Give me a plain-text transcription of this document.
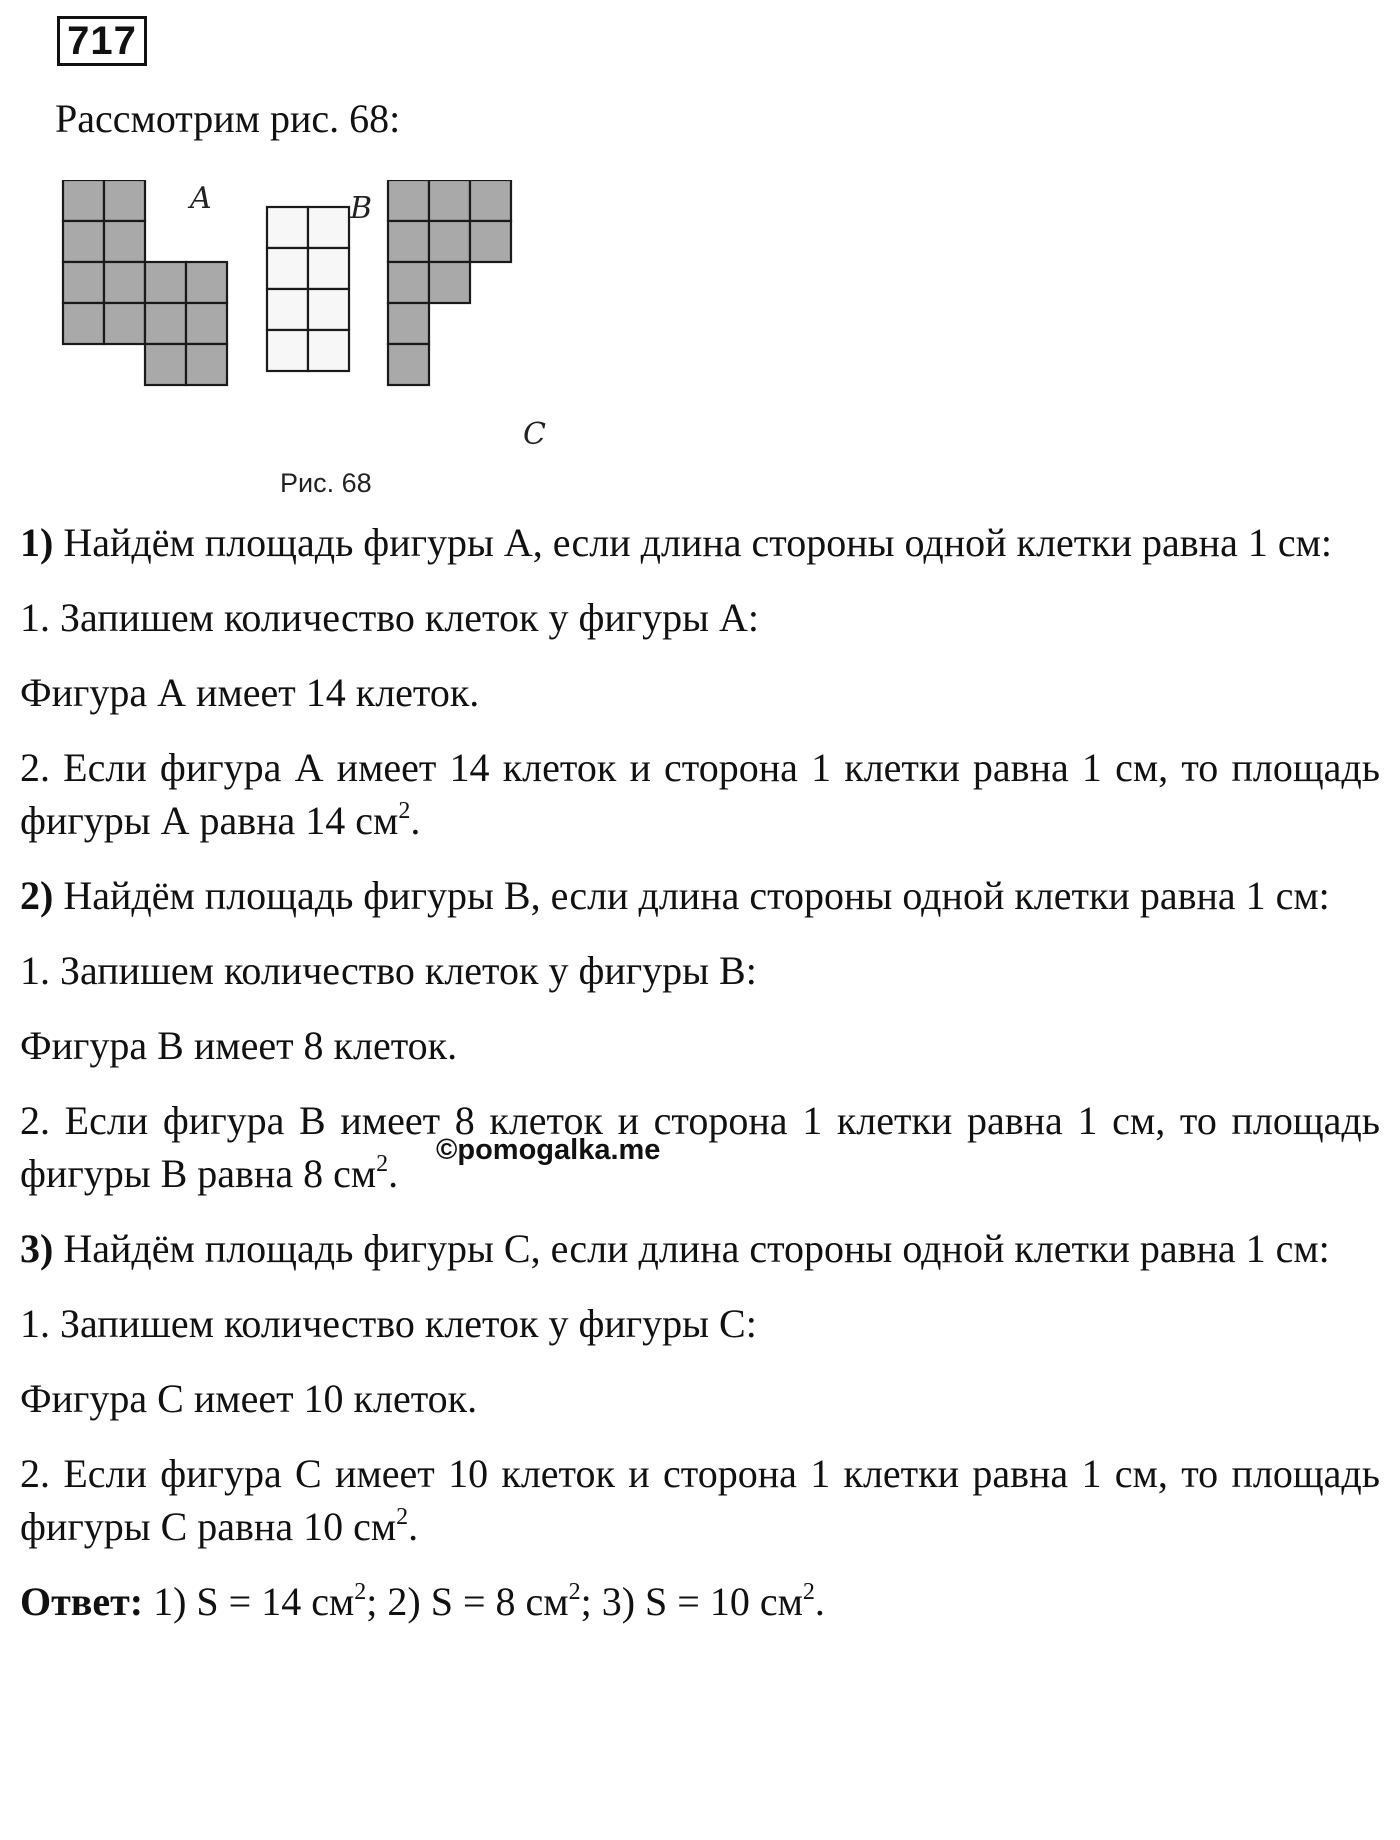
717
Рассмотрим рис. 68:
A	B
C
Рис. 68
©pomogalka.me

1) Найдём площадь фигуры А, если длина стороны одной клетки равна 1 см:

1. Запишем количество клеток у фигуры А:

Фигура А имеет 14 клеток.

2. Если фигура А имеет 14 клеток и сторона 1 клетки равна 1 см, то площадь фигуры А равна 14 $см^2$.

2) Найдём площадь фигуры В, если длина стороны одной клетки равна 1 см:

1. Запишем количество клеток у фигуры В:

Фигура В имеет 8 клеток.

2. Если фигура В имеет 8 клеток и сторона 1 клетки равна 1 см, то площадь фигуры В равна 8 $см^2$.

3) Найдём площадь фигуры С, если длина стороны одной клетки равна 1 см:

1. Запишем количество клеток у фигуры С:

Фигура С имеет 10 клеток.

2. Если фигура С имеет 10 клеток и сторона 1 клетки равна 1 см, то площадь фигуры С равна 10 $см^2$.

Ответ: 1) S = 14 $см^2$; 2) S = 8 $см^2$; 3) S = 10 $см^2$.
